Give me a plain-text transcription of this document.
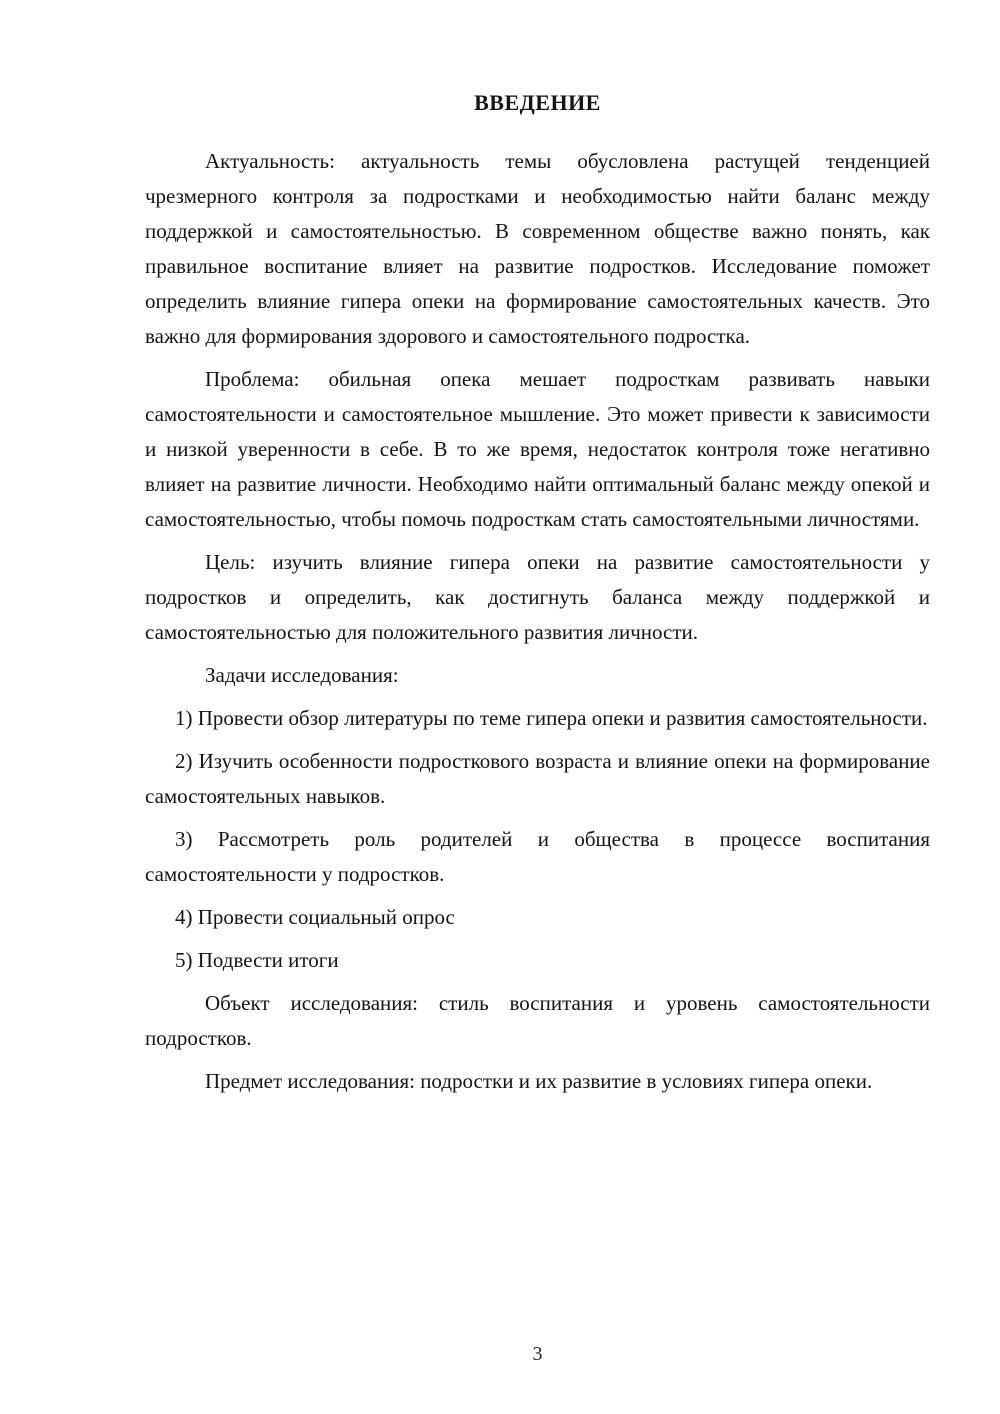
ВВЕДЕНИЕ

Актуальность: актуальность темы обусловлена растущей тенденцией чрезмерного контроля за подростками и необходимостью найти баланс между поддержкой и самостоятельностью. В современном обществе важно понять, как правильное воспитание влияет на развитие подростков. Исследование поможет определить влияние гипера опеки на формирование самостоятельных качеств. Это важно для формирования здорового и самостоятельного подростка.

Проблема: обильная опека мешает подросткам развивать навыки самостоятельности и самостоятельное мышление. Это может привести к зависимости и низкой уверенности в себе. В то же время, недостаток контроля тоже негативно влияет на развитие личности. Необходимо найти оптимальный баланс между опекой и самостоятельностью, чтобы помочь подросткам стать самостоятельными личностями.

Цель: изучить влияние гипера опеки на развитие самостоятельности у подростков и определить, как достигнуть баланса между поддержкой и самостоятельностью для положительного развития личности.

Задачи исследования:

1) Провести обзор литературы по теме гипера опеки и развития самостоятельности.

2) Изучить особенности подросткового возраста и влияние опеки на формирование самостоятельных навыков.

3) Рассмотреть роль родителей и общества в процессе воспитания самостоятельности у подростков.

4) Провести социальный опрос

5) Подвести итоги

Объект исследования: стиль воспитания и уровень самостоятельности подростков.

Предмет исследования: подростки и их развитие в условиях гипера опеки.

3
